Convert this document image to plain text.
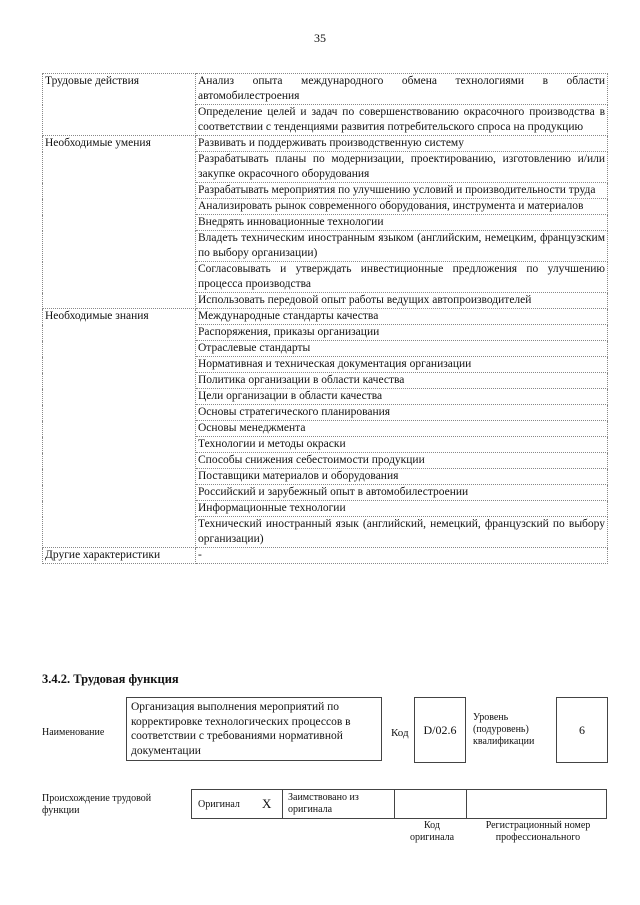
35
Трудовые действия	Анализ опыта международного обмена технологиями в области автомобилестроения
	Определение целей и задач по совершенствованию окрасочного производства в соответствии с тенденциями развития потребительского спроса на продукцию
Необходимые умения	Развивать и поддерживать производственную систему
	Разрабатывать планы по модернизации, проектированию, изготовлению и/или закупке окрасочного оборудования
	Разрабатывать мероприятия по улучшению условий и производительности труда
	Анализировать рынок современного оборудования, инструмента и материалов
	Внедрять инновационные технологии
	Владеть техническим иностранным языком (английским, немецким, французским по выбору организации)
	Согласовывать и утверждать инвестиционные предложения по улучшению процесса производства
	Использовать передовой опыт работы ведущих автопроизводителей
Необходимые знания	Международные стандарты качества
	Распоряжения, приказы организации
	Отраслевые стандарты
	Нормативная и техническая документация организации
	Политика организации в области качества
	Цели организации в области качества
	Основы стратегического планирования
	Основы менеджмента
	Технологии и методы окраски
	Способы снижения себестоимости продукции
	Поставщики материалов и оборудования
	Российский и зарубежный опыт в автомобилестроении
	Информационные технологии
	Технический иностранный язык (английский, немецкий, французский по выбору организации)
Другие характеристики	-
3.4.2. Трудовая функция
Наименование
Организация выполнения мероприятий по корректировке технологических процессов в соответствии с требованиями нормативной документации
Код	D/02.6
Уровень (подуровень) квалификации
6
Происхождение трудовой функции
Оригинал X Заимствовано из оригинала
Код оригинала
Регистрационный номер профессионального
